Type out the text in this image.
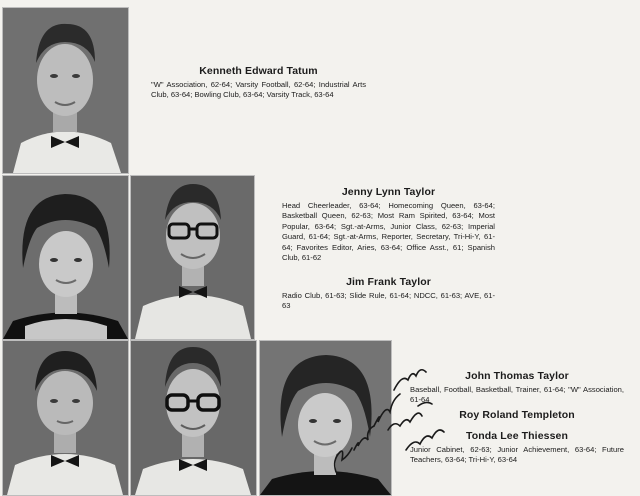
Kenneth Edward Tatum

"W" Association, 62-64; Varsity Football, 62-64; Industrial Arts Club, 63-64; Bowling Club, 63-64; Varsity Track, 63-64

Jenny Lynn Taylor

Head Cheerleader, 63-64; Homecoming Queen, 63-64; Basketball Queen, 62-63; Most Ram Spirited, 63-64; Most Popular, 63-64; Sgt.-at-Arms, Junior Class, 62-63; Imperial Guard, 61-64; Sgt.-at-Arms, Reporter, Secretary, Tri-Hi-Y, 61-64; Favorites Editor, Aries, 63-64; Office Asst., 61; Spanish Club, 61-62

Jim Frank Taylor

Radio Club, 61-63; Slide Rule, 61-64; NDCC, 61-63; AVE, 61-63

John Thomas Taylor

Baseball, Football, Basketball, Trainer, 61-64; "W" Association, 61-64

Roy Roland Templeton
Tonda Lee Thiessen

Junior Cabinet, 62-63; Junior Achievement, 63-64; Future Teachers, 63-64; Tri-Hi-Y, 63-64
